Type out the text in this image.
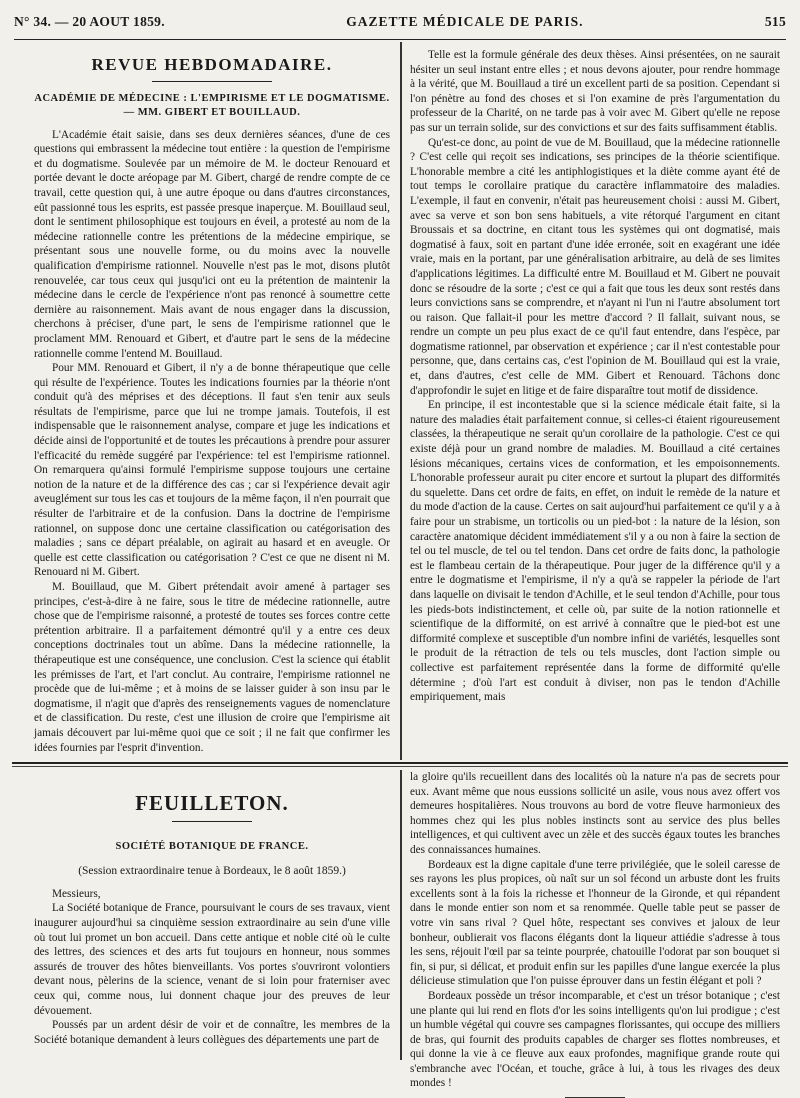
N° 34. — 20 AOUT 1859.	GAZETTE MÉDICALE DE PARIS.	515
REVUE HEBDOMADAIRE.
ACADÉMIE DE MÉDECINE : L'EMPIRISME ET LE DOGMATISME. — MM. GIBERT ET BOUILLAUD.

L'Académie était saisie, dans ses deux dernières séances, d'une de ces questions qui embrassent la médecine tout entière : la question de l'empirisme et du dogmatisme. Soulevée par un mémoire de M. le docteur Renouard et portée devant le docte aréopage par M. Gibert, chargé de rendre compte de ce travail, cette question qui, à une autre époque ou dans d'autres circonstances, eût passionné tous les esprits, est passée presque inaperçue. M. Bouillaud seul, dont le sentiment philosophique est toujours en éveil, a protesté au nom de la médecine rationnelle contre les prétentions de la médecine empirique, se présentant sous une nouvelle forme, ou du moins avec la nouvelle qualification d'empirisme rationnel. Nouvelle n'est pas le mot, disons plutôt renouvelée, car tous ceux qui jusqu'ici ont eu la prétention de maintenir la médecine dans le cercle de l'expérience n'ont pas renoncé à soumettre cette dernière au raisonnement. Mais avant de nous engager dans la discussion, cherchons à préciser, d'une part, le sens de l'empirisme rationnel que le proclament MM. Renouard et Gibert, et d'autre part le sens de la médecine rationnelle comme l'entend M. Bouillaud.

Pour MM. Renouard et Gibert, il n'y a de bonne thérapeutique que celle qui résulte de l'expérience. Toutes les indications fournies par la théorie n'ont conduit qu'à des méprises et des déceptions. Il faut s'en tenir aux seuls résultats de l'empirisme, parce que lui ne trompe jamais. Toutefois, il est indispensable que le raisonnement analyse, compare et juge les indications et décide ainsi de l'opportunité et de toutes les précautions à prendre pour assurer l'efficacité du remède suggéré par l'expérience: tel est l'empirisme rationnel. On remarquera qu'ainsi formulé l'empirisme suppose toujours une certaine notion de la nature et de la différence des cas ; car si l'expérience devait agir aveuglément sur tous les cas et toujours de la même façon, il n'en pourrait que résulter de l'arbitraire et de la confusion. Dans la doctrine de l'empirisme rationnel, on suppose donc une certaine classification ou catégorisation des maladies ; sans ce départ préalable, on agirait au hasard et en aveugle. Or quelle est cette classification ou catégorisation ? C'est ce que ne disent ni M. Renouard ni M. Gibert.

M. Bouillaud, que M. Gibert prétendait avoir amené à partager ses principes, c'est-à-dire à ne faire, sous le titre de médecine rationnelle, autre chose que de l'empirisme raisonné, a protesté de toutes ses forces contre cette prétention arbitraire. Il a parfaitement démontré qu'il y a entre ces deux conceptions doctrinales tout un abîme. Dans la médecine rationnelle, la thérapeutique est une conséquence, une conclusion. C'est la science qui établit les prémisses de l'art, et l'art conclut. Au contraire, l'empirisme rationnel ne procède que de lui-même ; et à moins de se laisser guider à son insu par le dogmatisme, il n'agit que d'après des renseignements vagues de nomenclature et de classification. Du reste, c'est une illusion de croire que l'empirisme ait jamais découvert par lui-même quoi que ce soit ; il ne fait que confirmer les idées fournies par l'esprit d'invention.

Telle est la formule générale des deux thèses. Ainsi présentées, on ne saurait hésiter un seul instant entre elles ; et nous devons ajouter, pour rendre hommage à la vérité, que M. Bouillaud a tiré un excellent parti de sa position. Cependant si l'on pénètre au fond des choses et si l'on examine de près l'argumentation du professeur de la Charité, on ne tarde pas à voir avec M. Gibert qu'elle ne repose pas sur un terrain solide, sur des convictions et sur des faits suffisamment établis.

Qu'est-ce donc, au point de vue de M. Bouillaud, que la médecine rationnelle ? C'est celle qui reçoit ses indications, ses principes de la théorie scientifique. L'honorable membre a cité les antiphlogistiques et la diète comme ayant été de tout temps le corollaire pratique du caractère inflammatoire des maladies. L'exemple, il faut en convenir, n'était pas heureusement choisi : aussi M. Gibert, avec sa verve et son bon sens habituels, a vite rétorqué l'argument en citant Broussais et sa doctrine, en citant tous les systèmes qui ont dogmatisé, mais dogmatisé à faux, soit en partant d'une idée erronée, soit en exagérant une idée vraie, mais en la portant, par une généralisation arbitraire, au delà de ses limites d'applications légitimes. La difficulté entre M. Bouillaud et M. Gibert ne pouvait donc se résoudre de la sorte ; c'est ce qui a fait que tous les deux sont restés dans leurs convictions sans se comprendre, et n'ayant ni l'un ni l'autre absolument tort ou raison. Que fallait-il pour les mettre d'accord ? Il fallait, suivant nous, se rendre un compte un peu plus exact de ce qu'il faut entendre, dans l'espèce, par dogmatisme rationnel, par observation et expérience ; car il n'est contestable pour personne, que, dans certains cas, c'est l'opinion de M. Bouillaud qui est la vraie, et, dans d'autres, c'est celle de MM. Gibert et Renouard. Tâchons donc d'approfondir le sujet en litige et de faire disparaître tout motif de dissidence.

En principe, il est incontestable que si la science médicale était faite, si la nature des maladies était parfaitement connue, si celles-ci étaient rigoureusement classées, la thérapeutique ne serait qu'un corollaire de la pathologie. C'est ce qui existe déjà pour un grand nombre de maladies. M. Bouillaud a cité certaines lésions mécaniques, certains vices de conformation, et les empoisonnements. L'honorable professeur aurait pu citer encore et surtout la plupart des difformités du squelette. Dans cet ordre de faits, en effet, on induit le remède de la nature et du mode d'action de la cause. Certes on sait aujourd'hui parfaitement ce qu'il y a à faire pour un strabisme, un torticolis ou un pied-bot : la nature de la lésion, son caractère anatomique décident immédiatement s'il y a ou non à faire la section de tel ou tel muscle, de tel ou tel tendon. Dans cet ordre de faits donc, la pathologie est le flambeau certain de la thérapeutique. Pour juger de la différence qu'il y a entre le dogmatisme et l'empirisme, il n'y a qu'à se rappeler la période de l'art dans laquelle on divisait le tendon d'Achille, et le seul tendon d'Achille, pour tous les pieds-bots indistinctement, et celle où, par suite de la notion rationnelle et scientifique de la difformité, on est arrivé à connaître que le pied-bot est une difformité complexe et susceptible d'un nombre infini de variétés, lesquelles sont le produit de la rétraction de tels ou tels muscles, dont l'action simple ou collective est parfaitement représentée dans la forme de difformité qu'elle détermine ; d'où l'art est conduit à diviser, non pas le tendon d'Achille empiriquement, mais

FEUILLETON.
SOCIÉTÉ BOTANIQUE DE FRANCE.
(Session extraordinaire tenue à Bordeaux, le 8 août 1859.)

Messieurs,

La Société botanique de France, poursuivant le cours de ses travaux, vient inaugurer aujourd'hui sa cinquième session extraordinaire au sein d'une ville où tout lui promet un bon accueil. Dans cette antique et noble cité où le culte des lettres, des sciences et des arts fut toujours en honneur, nous sommes assurés de trouver des hôtes bienveillants. Vos portes s'ouvriront volontiers devant nous, pèlerins de la science, venant de si loin pour fraterniser avec ceux qui, comme nous, lui donnent chaque jour des preuves de leur dévouement.

Poussés par un ardent désir de voir et de connaître, les membres de la Société botanique demandent à leurs collègues des départements une part de

la gloire qu'ils recueillent dans des localités où la nature n'a pas de secrets pour eux. Avant même que nous eussions sollicité un asile, vous nous avez offert vos demeures hospitalières. Nous trouvons au bord de votre fleuve harmonieux des hommes chez qui les plus nobles instincts sont au service des plus belles intelligences, et qui cultivent avec un zèle et des succès égaux toutes les branches des connaissances humaines.

Bordeaux est la digne capitale d'une terre privilégiée, que le soleil caresse de ses rayons les plus propices, où naît sur un sol fécond un arbuste dont les fruits excellents sont à la fois la richesse et l'honneur de la Gironde, et qui répandent dans le monde entier son nom et sa renommée. Quelle table peut se passer de votre vin sans rival ? Quel hôte, respectant ses convives et jaloux de leur bonheur, oublierait vos flacons élégants dont la liqueur attiédie s'adresse à tous les sens, réjouit l'œil par sa teinte pourprée, chatouille l'odorat par son bouquet si fin, si pur, si délicat, et produit enfin sur les papilles d'une langue exercée la plus délicieuse stimulation que l'on puisse éprouver dans un festin élégant et poli ?

Bordeaux possède un trésor incomparable, et c'est un trésor botanique ; c'est une plante qui lui rend en flots d'or les soins intelligents qu'on lui prodigue ; c'est un humble végétal qui couvre ses campagnes florissantes, qui occupe des milliers de bras, qui fournit des produits capables de charger ses flottes nombreuses, et qui donne la vie à ce fleuve aux eaux profondes, magnifique grande route qui s'embranche avec l'Océan, et touche, grâce à lui, à tous les rivages des deux mondes !
